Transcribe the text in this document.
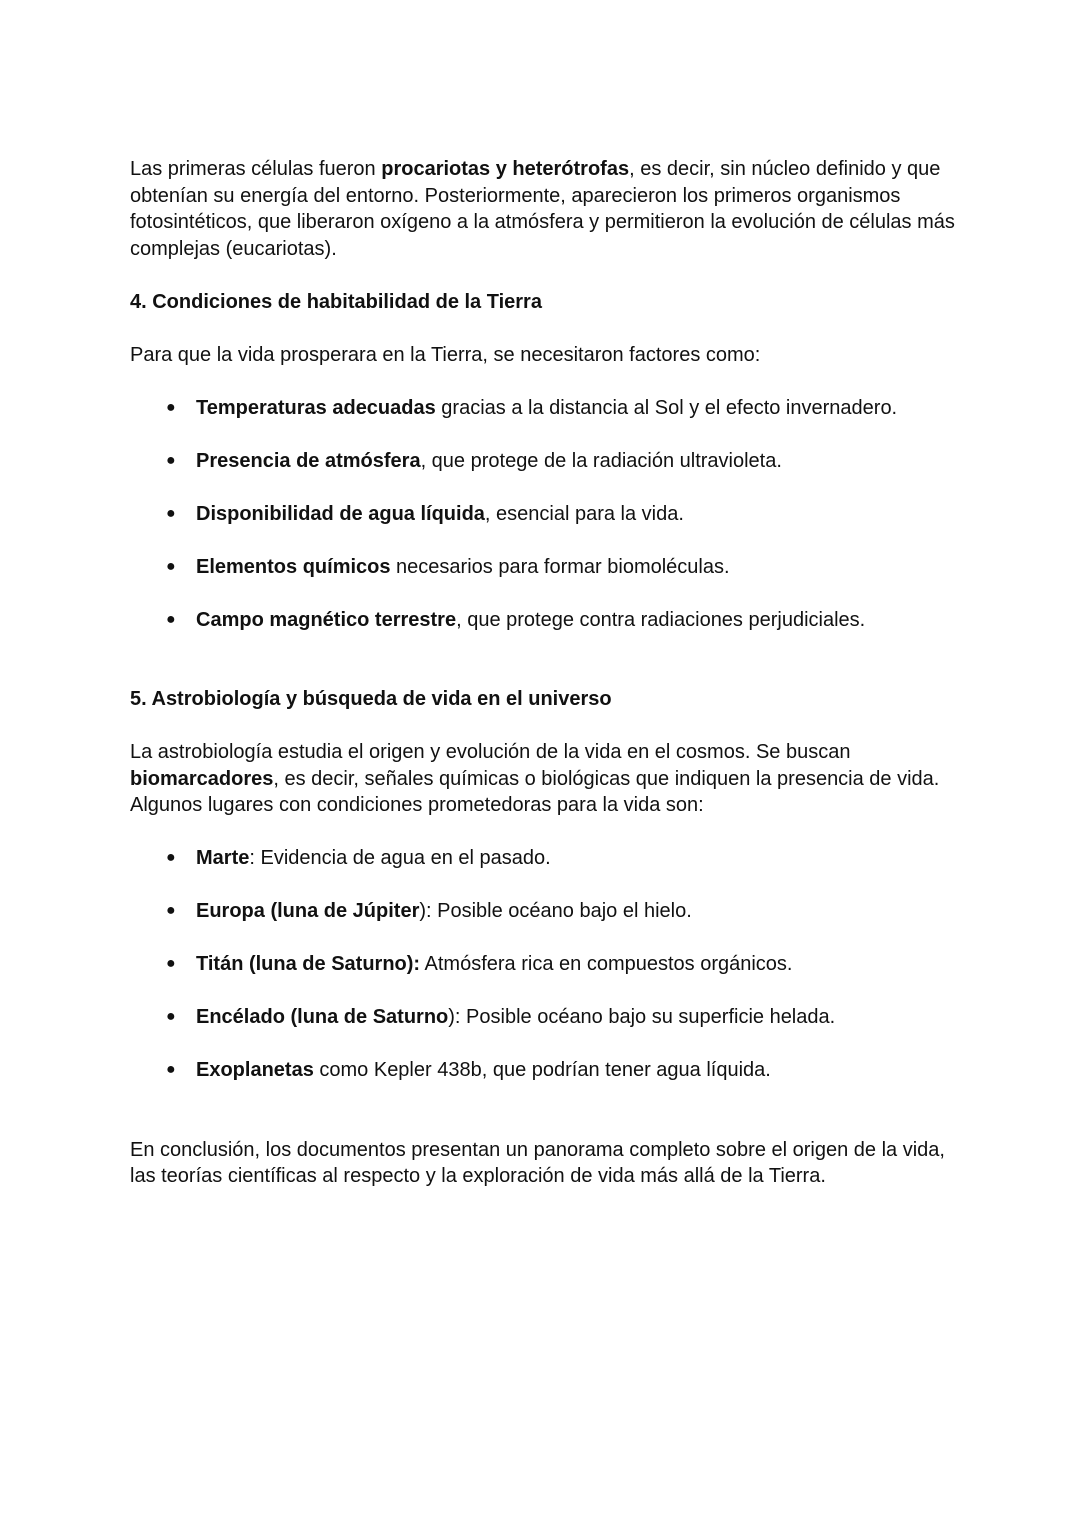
Las primeras células fueron procariotas y heterótrofas, es decir, sin núcleo definido y que obtenían su energía del entorno. Posteriormente, aparecieron los primeros organismos fotosintéticos, que liberaron oxígeno a la atmósfera y permitieron la evolución de células más complejas (eucariotas).

4. Condiciones de habitabilidad de la Tierra

Para que la vida prosperara en la Tierra, se necesitaron factores como:

● Temperaturas adecuadas gracias a la distancia al Sol y el efecto invernadero.
● Presencia de atmósfera, que protege de la radiación ultravioleta.
● Disponibilidad de agua líquida, esencial para la vida.
● Elementos químicos necesarios para formar biomoléculas.
● Campo magnético terrestre, que protege contra radiaciones perjudiciales.

5. Astrobiología y búsqueda de vida en el universo

La astrobiología estudia el origen y evolución de la vida en el cosmos. Se buscan biomarcadores, es decir, señales químicas o biológicas que indiquen la presencia de vida. Algunos lugares con condiciones prometedoras para la vida son:

● Marte: Evidencia de agua en el pasado.
● Europa (luna de Júpiter): Posible océano bajo el hielo.
● Titán (luna de Saturno): Atmósfera rica en compuestos orgánicos.
● Encélado (luna de Saturno): Posible océano bajo su superficie helada.
● Exoplanetas como Kepler 438b, que podrían tener agua líquida.

En conclusión, los documentos presentan un panorama completo sobre el origen de la vida, las teorías científicas al respecto y la exploración de vida más allá de la Tierra.
